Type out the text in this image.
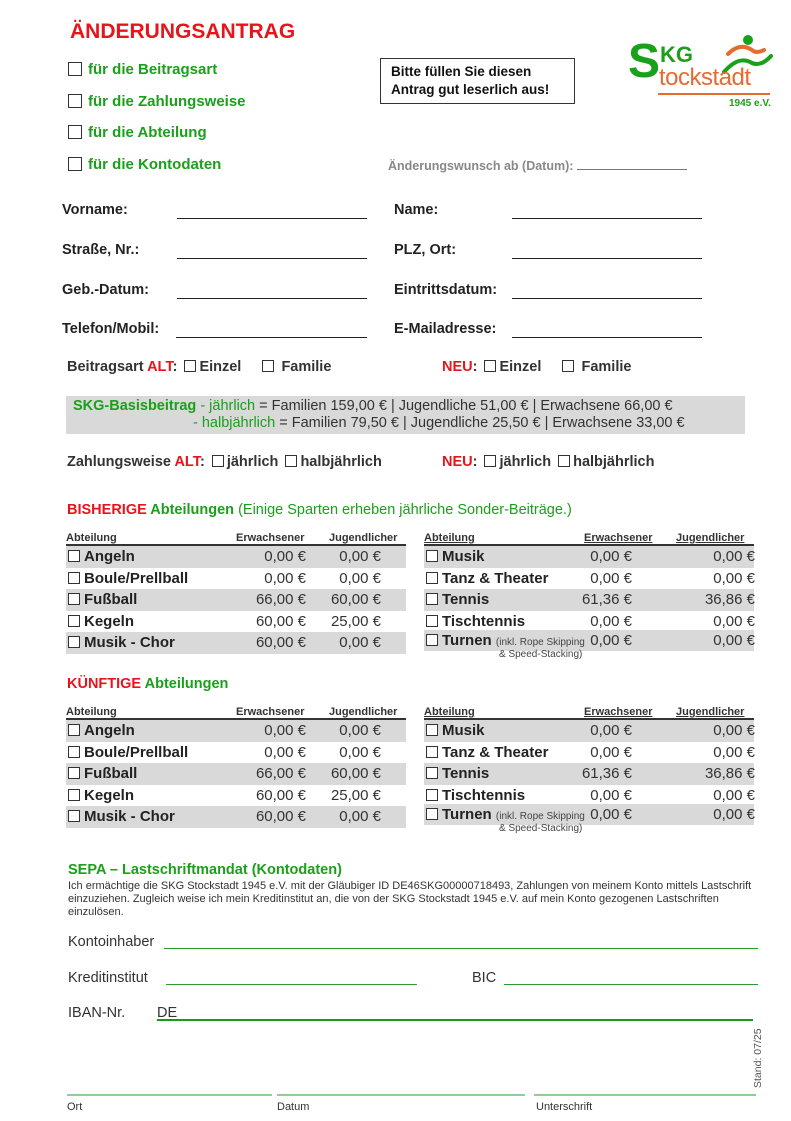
ÄNDERUNGSANTRAG
für die Beitragsart
für die Zahlungsweise
für die Abteilung
für die Kontodaten
Bitte füllen Sie diesen
Antrag gut leserlich aus!
S KG
tockstadt
1945 e.V.
Änderungswunsch ab (Datum):
Vorname:	Name:
Straße, Nr.:	PLZ, Ort:
Geb.-Datum:	Eintrittsdatum:
Telefon/Mobil:	E-Mailadresse:
Beitragsart ALT: Einzel	Familie	NEU: Einzel	Familie
SKG-Basisbeitrag - jährlich = Familien 159,00 € | Jugendliche 51,00 € | Erwachsene 66,00 €
- halbjährlich = Familien 79,50 € | Jugendliche 25,50 € | Erwachsene 33,00 €
Zahlungsweise ALT: jährlich halbjährlich	NEU: jährlich halbjährlich
BISHERIGE Abteilungen (Einige Sparten erheben jährliche Sonder-Beiträge.)
Abteilung	Erwachsener Jugendlicher
Angeln	0,00 € 0,00 €
Boule/Prellball	0,00 € 0,00 €
Fußball	66,00 € 60,00 €
Kegeln	60,00 € 25,00 €
Musik - Chor	60,00 € 0,00 €
Abteilung	Erwachsener Jugendlicher
Musik	0,00 €	0,00 €
Tanz & Theater	0,00 €	0,00 €
Tennis	61,36 €	36,86 €
Tischtennis	0,00 €	0,00 €
Turnen (inkl. Rope Skipping 0,00 €	0,00 €
& Speed-Stacking)
KÜNFTIGE Abteilungen
Abteilung	Erwachsener Jugendlicher
Angeln	0,00 € 0,00 €
Boule/Prellball	0,00 € 0,00 €
Fußball	66,00 € 60,00 €
Kegeln	60,00 € 25,00 €
Musik - Chor	60,00 € 0,00 €
Abteilung	Erwachsener Jugendlicher
Musik	0,00 €	0,00 €
Tanz & Theater	0,00 €	0,00 €
Tennis	61,36 €	36,86 €
Tischtennis	0,00 €	0,00 €
Turnen (inkl. Rope Skipping 0,00 €	0,00 €
& Speed-Stacking)
SEPA – Lastschriftmandat (Kontodaten)
Ich ermächtige die SKG Stockstadt 1945 e.V. mit der Gläubiger ID DE46SKG00000718493, Zahlungen von meinem Konto mittels Lastschrift einzuziehen. Zugleich weise ich mein Kreditinstitut an, die von der SKG Stockstadt 1945 e.V. auf mein Konto gezogenen Lastschriften einzulösen.
Kontoinhaber
Kreditinstitut	BIC
IBAN-Nr. DE
Ort	Datum	Unterschrift
Stand: 07/25
